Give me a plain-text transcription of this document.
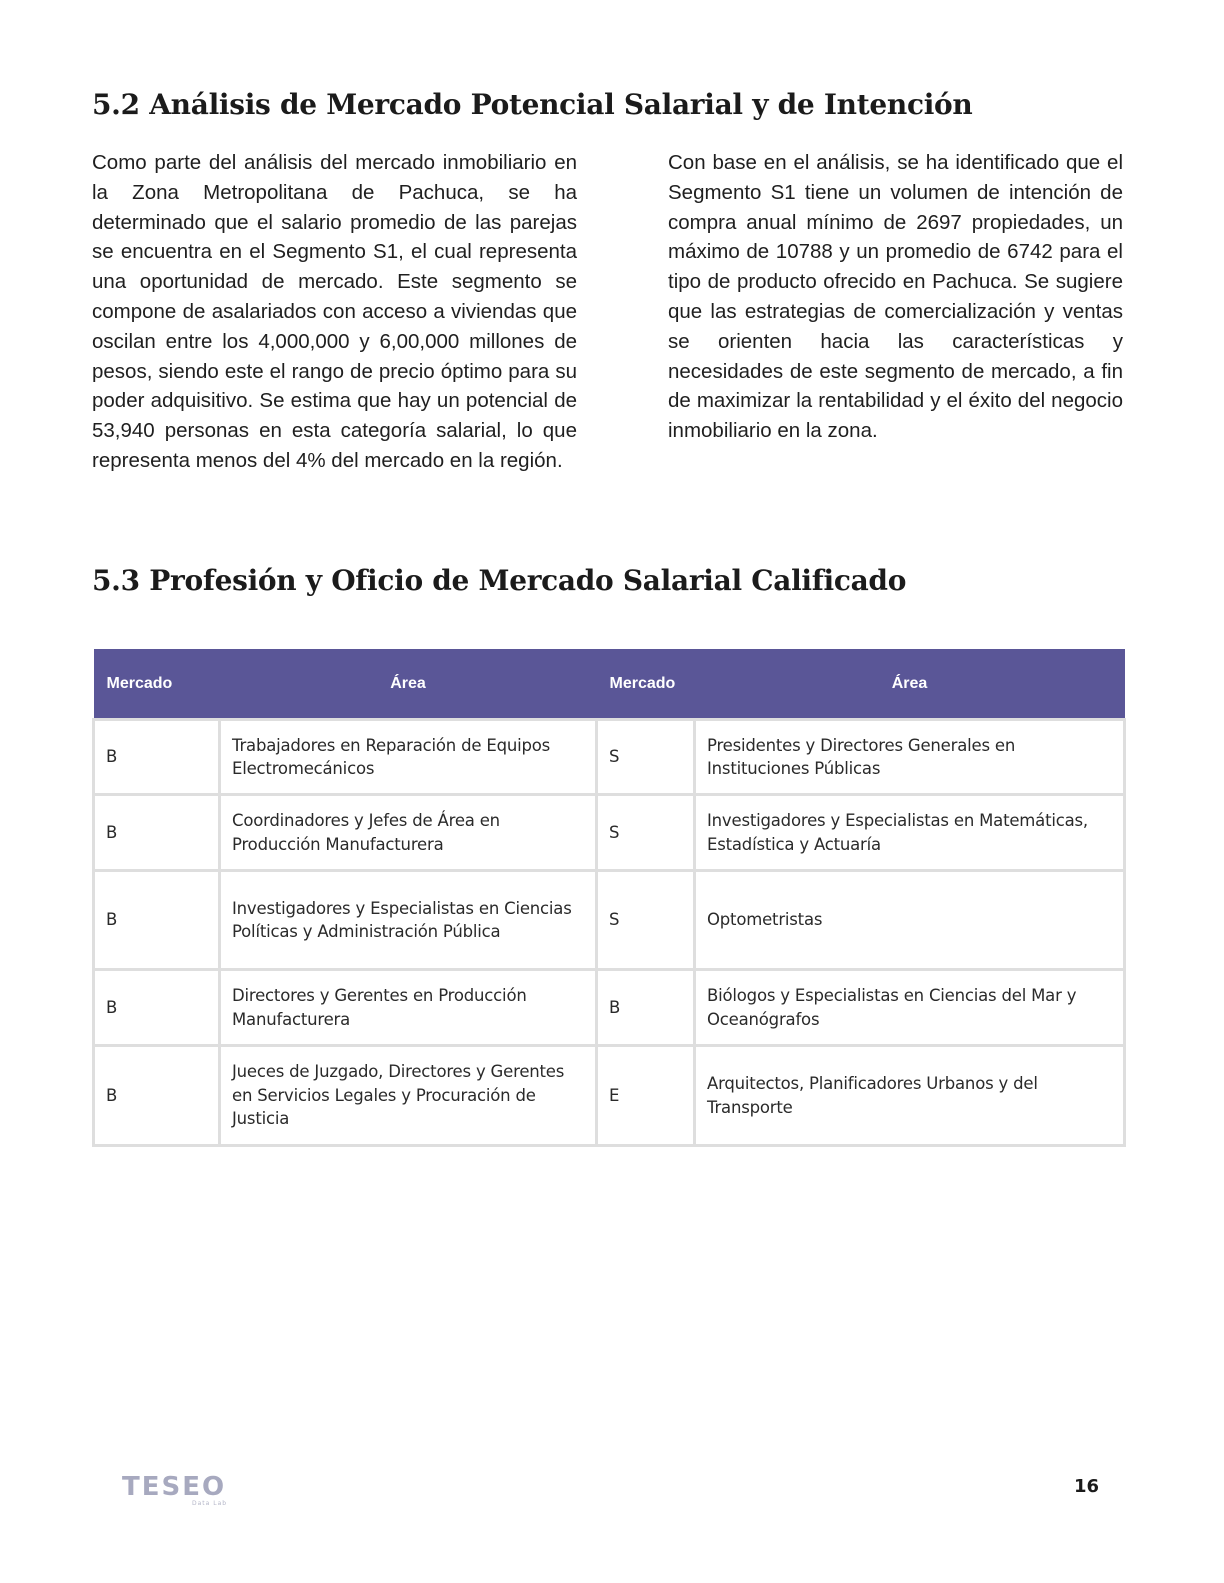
5.2 Análisis de Mercado Potencial Salarial y de Intención

Como parte del análisis del mercado inmobiliario en la Zona Metropolitana de Pachuca, se ha determinado que el salario promedio de las parejas se encuentra en el Segmento S1, el cual representa una oportunidad de mercado. Este segmento se compone de asalariados con acceso a viviendas que oscilan entre los 4,000,000 y 6,00,000 millones de pesos, siendo este el rango de precio óptimo para su poder adquisitivo. Se estima que hay un potencial de 53,940 personas en esta categoría salarial, lo que representa menos del 4% del mercado en la región.

Con base en el análisis, se ha identificado que el Segmento S1 tiene un volumen de intención de compra anual mínimo de 2697 propiedades, un máximo de 10788 y un promedio de 6742 para el tipo de producto ofrecido en Pachuca. Se sugiere que las estrategias de comercialización y ventas se orienten hacia las características y necesidades de este segmento de mercado, a fin de maximizar la rentabilidad y el éxito del negocio inmobiliario en la zona.

5.3 Profesión y Oficio de Mercado Salarial Calificado
Mercado	Área	Mercado	Área
B	Trabajadores en Reparación de Equipos Electromecánicos	S	Presidentes y Directores Generales en Instituciones Públicas
B	Coordinadores y Jefes de Área en Producción Manufacturera	S	Investigadores y Especialistas en Matemáticas, Estadística y Actuaría
B	Investigadores y Especialistas en Ciencias Políticas y Administración Pública	S	Optometristas
B	Directores y Gerentes en Producción Manufacturera	B	Biólogos y Especialistas en Ciencias del Mar y Oceanógrafos
B	Jueces de Juzgado, Directores y Gerentes en Servicios Legales y Procuración de Justicia	E	Arquitectos, Planificadores Urbanos y del Transporte
TESEO
Data Lab
16
